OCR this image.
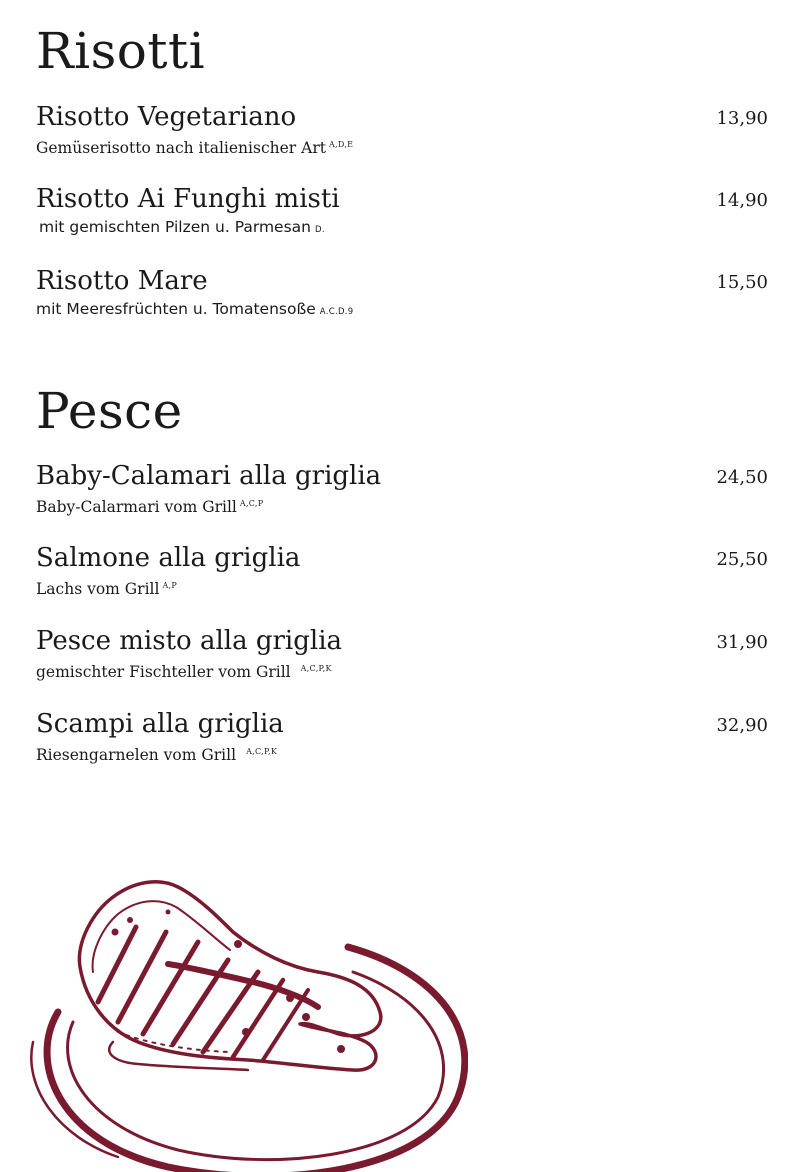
Risotti
Risotto Vegetariano	13,90
Gemüserisotto nach italienischer Art $^{A,D,E}$
Risotto Ai Funghi misti	14,90
mit gemischten Pilzen u. Parmesan D.
Risotto Mare	15,50
mit Meeresfrüchten u. Tomatensoße A.C.D.9
Pesce
Baby-Calamari alla griglia	24,50
Baby-Calarmari vom Grill $^{A,C,P}$
Salmone alla griglia	25,50
Lachs vom Grill $^{A,P}$
Pesce misto alla griglia	31,90
gemischter Fischteller vom Grill $^{A,C,P,K}$
Scampi alla griglia	32,90
Riesengarnelen vom Grill $^{A,C,P,K}$
